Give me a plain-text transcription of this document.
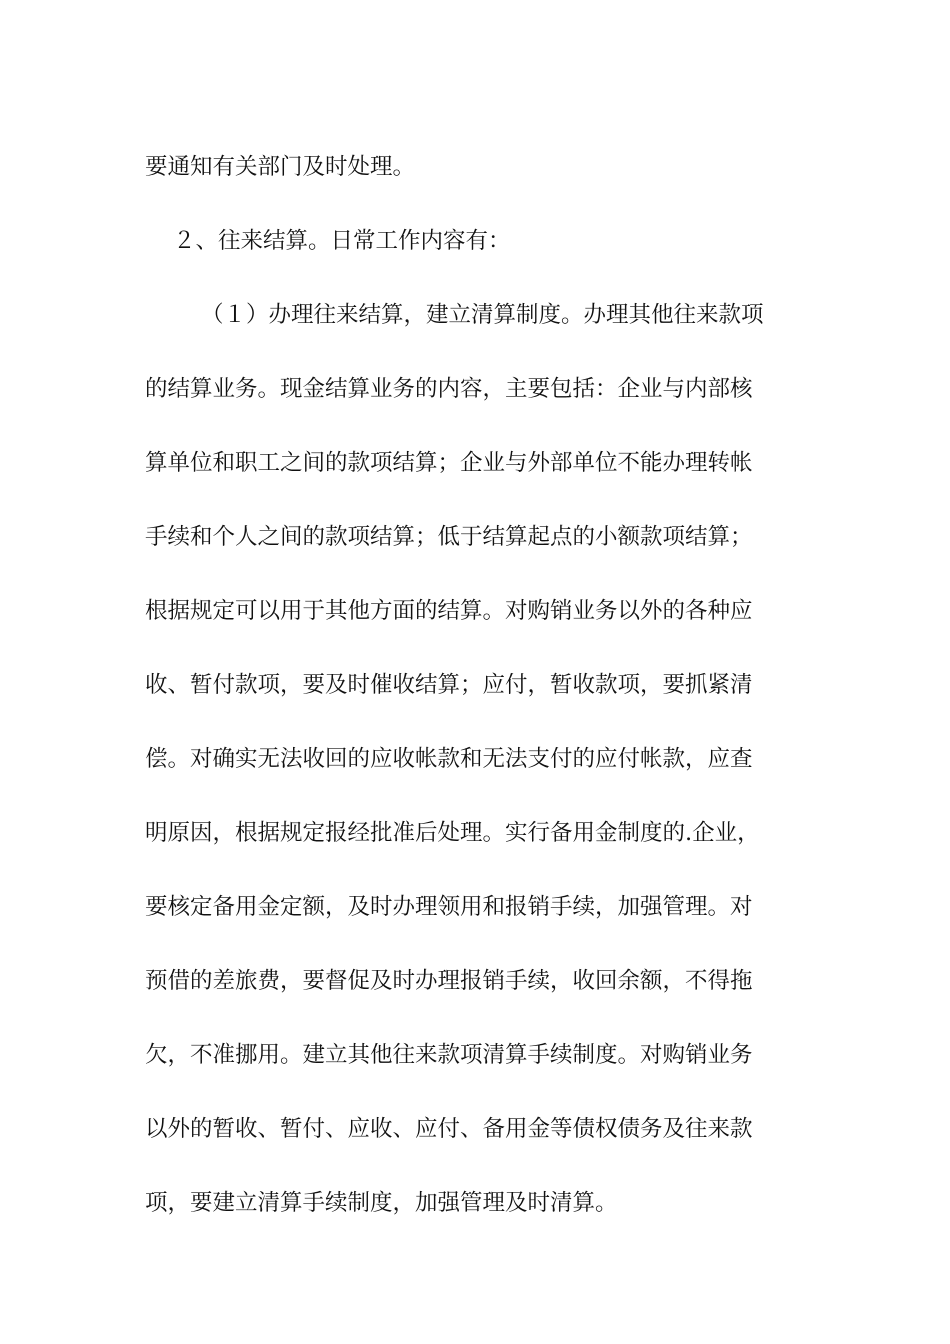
要通知有关部门及时处理。
２、往来结算。日常工作内容有：
（１）办理往来结算，建立清算制度。办理其他往来款项
的结算业务。现金结算业务的内容，主要包括：企业与内部核
算单位和职工之间的款项结算；企业与外部单位不能办理转帐
手续和个人之间的款项结算；低于结算起点的小额款项结算；
根据规定可以用于其他方面的结算。对购销业务以外的各种应
收、暂付款项，要及时催收结算；应付，暂收款项，要抓紧清
偿。对确实无法收回的应收帐款和无法支付的应付帐款，应查
明原因，根据规定报经批准后处理。实行备用金制度的.企业，
要核定备用金定额，及时办理领用和报销手续，加强管理。对
预借的差旅费，要督促及时办理报销手续，收回余额，不得拖
欠，不准挪用。建立其他往来款项清算手续制度。对购销业务
以外的暂收、暂付、应收、应付、备用金等债权债务及往来款
项，要建立清算手续制度，加强管理及时清算。
